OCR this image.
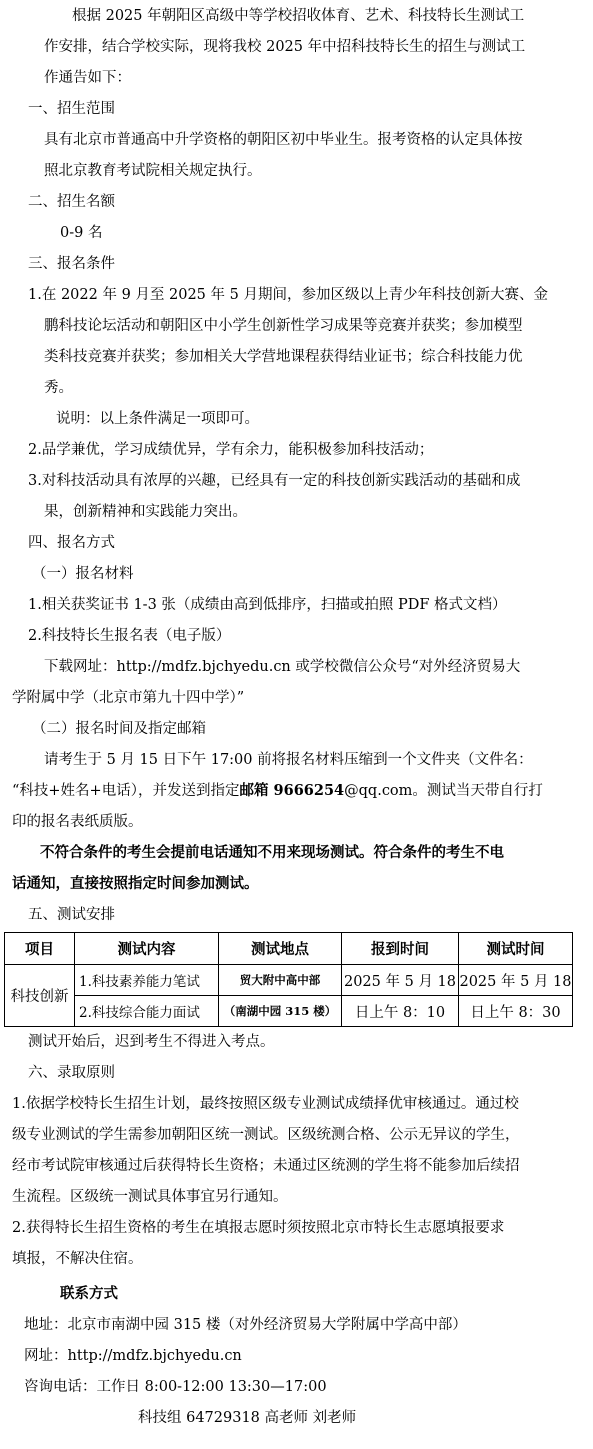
根据 2025 年朝阳区高级中等学校招收体育、艺术、科技特长生测试工
作安排，结合学校实际，现将我校 2025 年中招科技特长生的招生与测试工
作通告如下：
一、招生范围
具有北京市普通高中升学资格的朝阳区初中毕业生。报考资格的认定具体按
照北京教育考试院相关规定执行。
二、招生名额
0-9 名
三、报名条件
1.在 2022 年 9 月至 2025 年 5 月期间，参加区级以上青少年科技创新大赛、金
鹏科技论坛活动和朝阳区中小学生创新性学习成果等竞赛并获奖；参加模型
类科技竞赛并获奖；参加相关大学营地课程获得结业证书；综合科技能力优
秀。
说明：以上条件满足一项即可。
2.品学兼优，学习成绩优异，学有余力，能积极参加科技活动；
3.对科技活动具有浓厚的兴趣，已经具有一定的科技创新实践活动的基础和成
果，创新精神和实践能力突出。
四、报名方式
（一）报名材料
1.相关获奖证书 1-3 张（成绩由高到低排序，扫描或拍照 PDF 格式文档）
2.科技特长生报名表（电子版）
下载网址：http://mdfz.bjchyedu.cn 或学校微信公众号“对外经济贸易大
学附属中学（北京市第九十四中学）”
（二）报名时间及指定邮箱
请考生于 5 月 15 日下午 17:00 前将报名材料压缩到一个文件夹（文件名：
“科技+姓名+电话），并发送到指定邮箱 9666254@qq.com。测试当天带自行打
印的报名表纸质版。
不符合条件的考生会提前电话通知不用来现场测试。符合条件的考生不电
话通知，直接按照指定时间参加测试。
五、测试安排
项目	测试内容	测试地点	报到时间	测试时间
科技创新	1.科技素养能力笔试	贸大附中高中部	2025 年 5 月 18	2025 年 5 月 18
	2.科技综合能力面试	（南湖中园 315 楼）	日上午 8：10	日上午 8：30
测试开始后，迟到考生不得进入考点。
六、录取原则
1.依据学校特长生招生计划，最终按照区级专业测试成绩择优审核通过。通过校
级专业测试的学生需参加朝阳区统一测试。区级统测合格、公示无异议的学生，
经市考试院审核通过后获得特长生资格；未通过区统测的学生将不能参加后续招
生流程。区级统一测试具体事宜另行通知。
2.获得特长生招生资格的考生在填报志愿时须按照北京市特长生志愿填报要求
填报，不解决住宿。
联系方式
地址：北京市南湖中园 315 楼（对外经济贸易大学附属中学高中部）
网址：http://mdfz.bjchyedu.cn
咨询电话：工作日 8:00-12:00 13:30—17:00
科技组 64729318 高老师 刘老师
